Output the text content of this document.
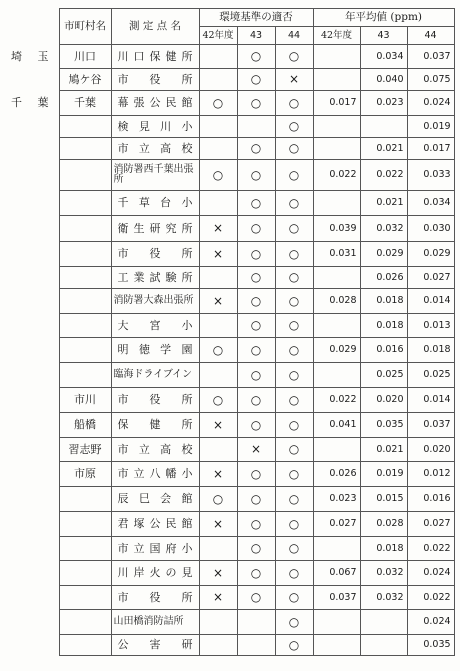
	市町村名	測 定 点 名	環境基準の適否			年平均値 (ppm)		
			42年度	43	44	42年度	43	44
埼 玉	川口	川口保健所		○	○		0.034	0.037
	鳩ケ谷	市 役 所		○	×		0.040	0.075
千 葉	千葉	幕張公民館	○	○	○	0.017	0.023	0.024
		検見川小			○			0.019
		市立高校		○	○		0.021	0.017
		消防署西千葉出張所	○	○	○	0.022	0.022	0.033
		千草台小		○	○		0.021	0.034
		衛生研究所	×	○	○	0.039	0.032	0.030
		市 役 所	×	○	○	0.031	0.029	0.029
		工業試験所		○	○		0.026	0.027
		消防署大森出張所	×	○	○	0.028	0.018	0.014
		大宮小		○	○		0.018	0.013
		明徳学園	○	○	○	0.029	0.016	0.018
		臨海ドライブイン		○	○		0.025	0.025
	市川	市 役 所	○	○	○	0.022	0.020	0.014
	船橋	保 健 所	×	○	○	0.041	0.035	0.037
	習志野	市立高校		×	○		0.021	0.020
	市原	市立八幡小	×	○	○	0.026	0.019	0.012
		辰巳会館	○	○	○	0.023	0.015	0.016
		君塚公民館	×	○	○	0.027	0.028	0.027
		市立国府小		○	○		0.018	0.022
		川岸火の見	×	○	○	0.067	0.032	0.024
		市 役 所	×	○	○	0.037	0.032	0.022
		山田橋消防詰所			○			0.024
		公 害 研			○			0.035
